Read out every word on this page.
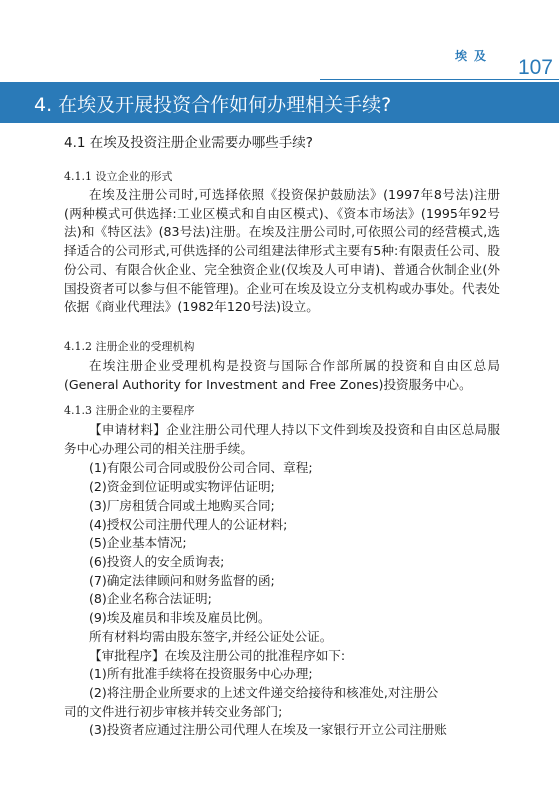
埃及 107
4. 在埃及开展投资合作如何办理相关手续?
4.1 在埃及投资注册企业需要办哪些手续?
4.1.1 设立企业的形式
在埃及注册公司时,可选择依照《投资保护鼓励法》(1997年8号法)注册(两种模式可供选择:工业区模式和自由区模式)、《资本市场法》(1995年92号法)和《特区法》(83号法)注册。在埃及注册公司时,可依照公司的经营模式,选择适合的公司形式,可供选择的公司组建法律形式主要有5种:有限责任公司、股份公司、有限合伙企业、完全独资企业(仅埃及人可申请)、普通合伙制企业(外国投资者可以参与但不能管理)。企业可在埃及设立分支机构或办事处。代表处依据《商业代理法》(1982年120号法)设立。
4.1.2 注册企业的受理机构
在埃注册企业受理机构是投资与国际合作部所属的投资和自由区总局(General Authority for Investment and Free Zones)投资服务中心。
4.1.3 注册企业的主要程序
【申请材料】企业注册公司代理人持以下文件到埃及投资和自由区总局服务中心办理公司的相关注册手续。
(1)有限公司合同或股份公司合同、章程;
(2)资金到位证明或实物评估证明;
(3)厂房租赁合同或土地购买合同;
(4)授权公司注册代理人的公证材料;
(5)企业基本情况;
(6)投资人的安全质询表;
(7)确定法律顾问和财务监督的函;
(8)企业名称合法证明;
(9)埃及雇员和非埃及雇员比例。
所有材料均需由股东签字,并经公证处公证。
【审批程序】在埃及注册公司的批准程序如下:
(1)所有批准手续将在投资服务中心办理;
(2)将注册企业所要求的上述文件递交给接待和核准处,对注册公
司的文件进行初步审核并转交业务部门;
(3)投资者应通过注册公司代理人在埃及一家银行开立公司注册账
